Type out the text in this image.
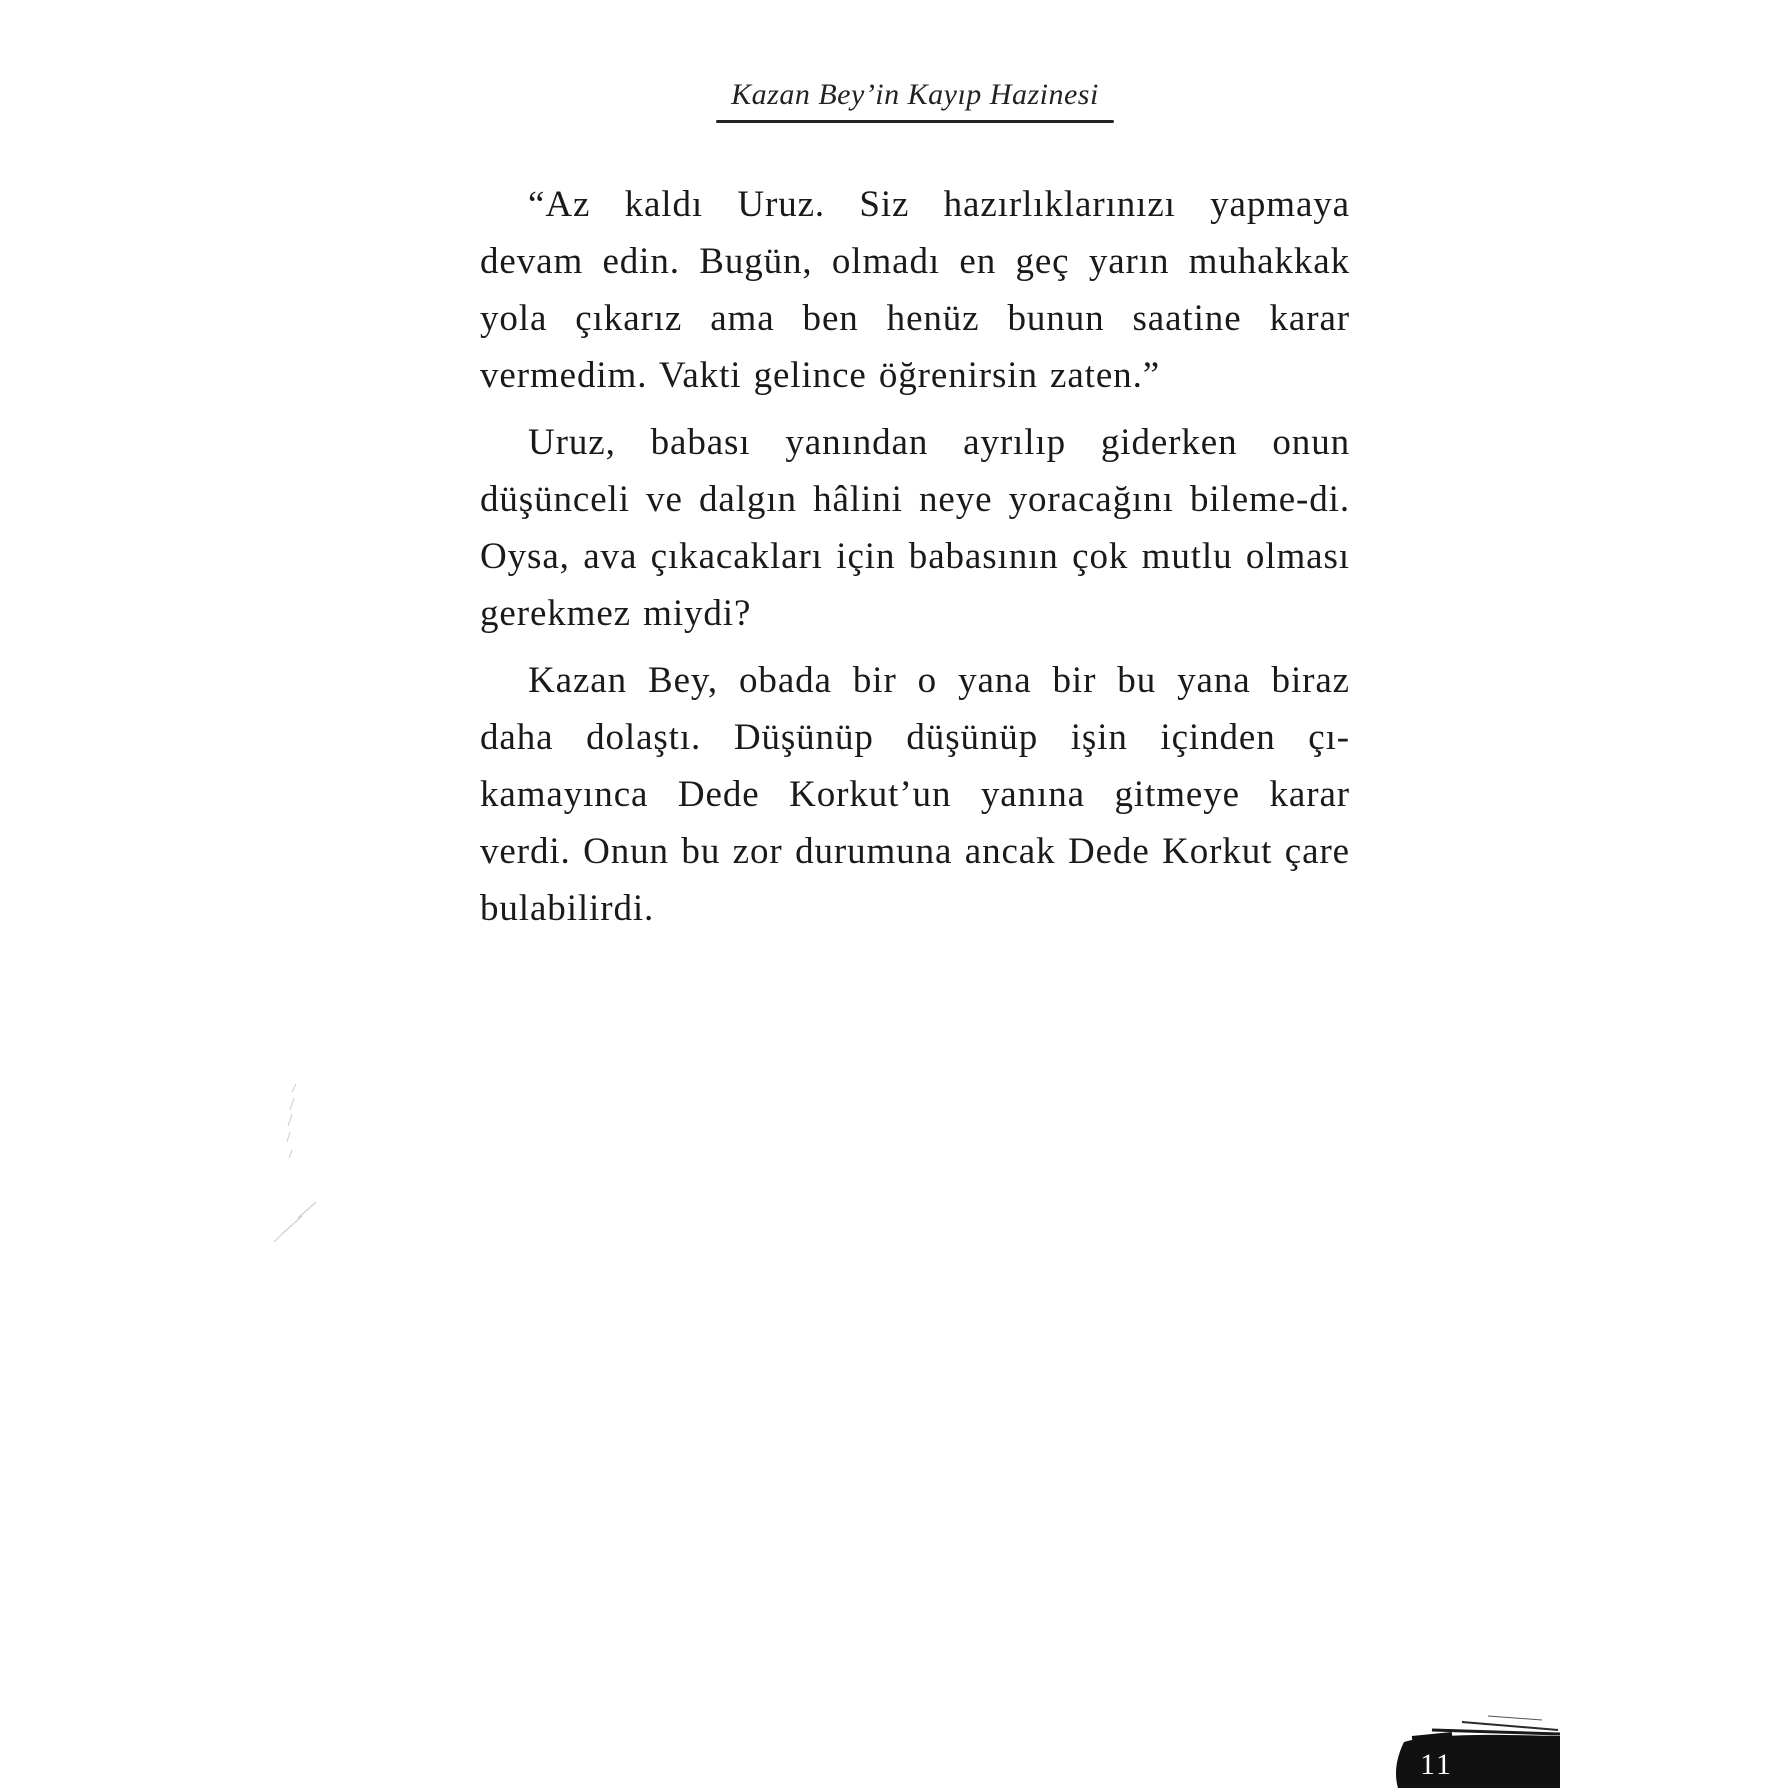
Kazan Bey’in Kayıp Hazinesi

“Az kaldı Uruz. Siz hazırlıklarınızı yapmaya devam edin. Bugün, olmadı en geç yarın muhakkak yola çıkarız ama ben henüz bunun saatine karar vermedim. Vakti gelince öğrenirsin zaten.”

Uruz, babası yanından ayrılıp giderken onun düşünceli ve dalgın hâlini neye yoracağını bileme-di. Oysa, ava çıkacakları için babasının çok mutlu olması gerekmez miydi?

Kazan Bey, obada bir o yana bir bu yana biraz daha dolaştı. Düşünüp düşünüp işin içinden çı-kamayınca Dede Korkut’un yanına gitmeye karar verdi. Onun bu zor durumuna ancak Dede Korkut çare bulabilirdi.

11
